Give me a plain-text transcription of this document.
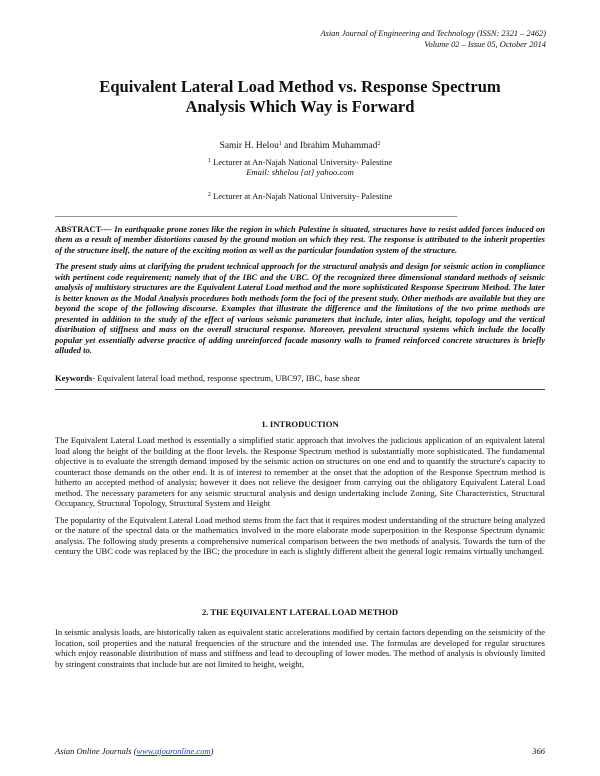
Asian Journal of Engineering and Technology (ISSN: 2321 – 2462)
Volume 02 – Issue 05, October 2014
Equivalent Lateral Load Method vs. Response Spectrum
Analysis Which Way is Forward
Samir H. Helou$^1$ and Ibrahim Muhammad$^2$
$^1$ Lecturer at An-Najah National University- Palestine
Email: shhelou {at} yahoo.com
$^2$ Lecturer at An-Najah National University- Palestine
__________________________________________________________________________________________________

ABSTRACT---- In earthquake prone zones like the region in which Palestine is situated, structures have to resist added forces induced on them as a result of member distortions caused by the ground motion on which they rest. The response is attributed to the inherit properties of the structure itself, the nature of the exciting motion as well as the particular foundation system of the structure.

The present study aims at clarifying the prudent technical approach for the structural analysis and design for seismic action in compliance with pertinent code requirement; namely that of the IBC and the UBC. Of the recognized three dimensional standard methods of seismic analysis of multistory structures are the Equivalent Lateral Load method and the more sophisticated Response Spectrum Method. The later is better known as the Modal Analysis procedures both methods form the foci of the present study. Other methods are available but they are beyond the scope of the following discourse. Examples that illustrate the difference and the limitations of the two prime methods are presented in addition to the study of the effect of various seismic parameters that include, inter alias, height, topology and the vertical distribution of stiffness and mass on the overall structural response. Moreover, prevalent structural systems which include the locally popular yet essentially adverse practice of adding unreinforced facade masonry walls to framed reinforced concrete structures is briefly alluded to.

Keywords- Equivalent lateral load method, response spectrum, UBC97, IBC, base shear
1. INTRODUCTION

The Equivalent Lateral Load method is essentially a simplified static approach that involves the judicious application of an equivalent lateral load along the height of the building at the floor levels. the Response Spectrum method is substantially more sophisticated. The fundamental objective is to evaluate the strength demand imposed by the seismic action on structures on one end and to quantify the structure's capacity to counteract those demands on the other end. It is of interest to remember at the onset that the adoption of the Response Spectrum method is hitherto an accepted method of analysis; however it does not relieve the designer from carrying out the obligatory Equivalent Lateral Load method. The necessary parameters for any seismic structural analysis and design undertaking include Zoning, Site Characteristics, Structural Occupancy, Structural Topology, Structural System and Height

The popularity of the Equivalent Lateral Load method stems from the fact that it requires modest understanding of the structure being analyzed or the nature of the spectral data or the mathematics involved in the more elaborate mode superposition in the Response Spectrum dynamic analysis. The following study presents a comprehensive numerical comparison between the two methods of analysis. Towards the turn of the century the UBC code was replaced by the IBC; the procedure in each is slightly different albeit the general logic remains virtually unchanged.

2. THE EQUIVALENT LATERAL LOAD METHOD

In seismic analysis loads, are historically taken as equivalent static accelerations modified by certain factors depending on the seismicity of the location, soil properties and the natural frequencies of the structure and the intended use. The formulas are developed for regular structures which enjoy reasonable distribution of mass and stiffness and lead to decoupling of lower modes. The method of analysis is obviously limited by stringent constraints that include but are not limited to height, weight,

Asian Online Journals (www.ajouronline.com)	366
